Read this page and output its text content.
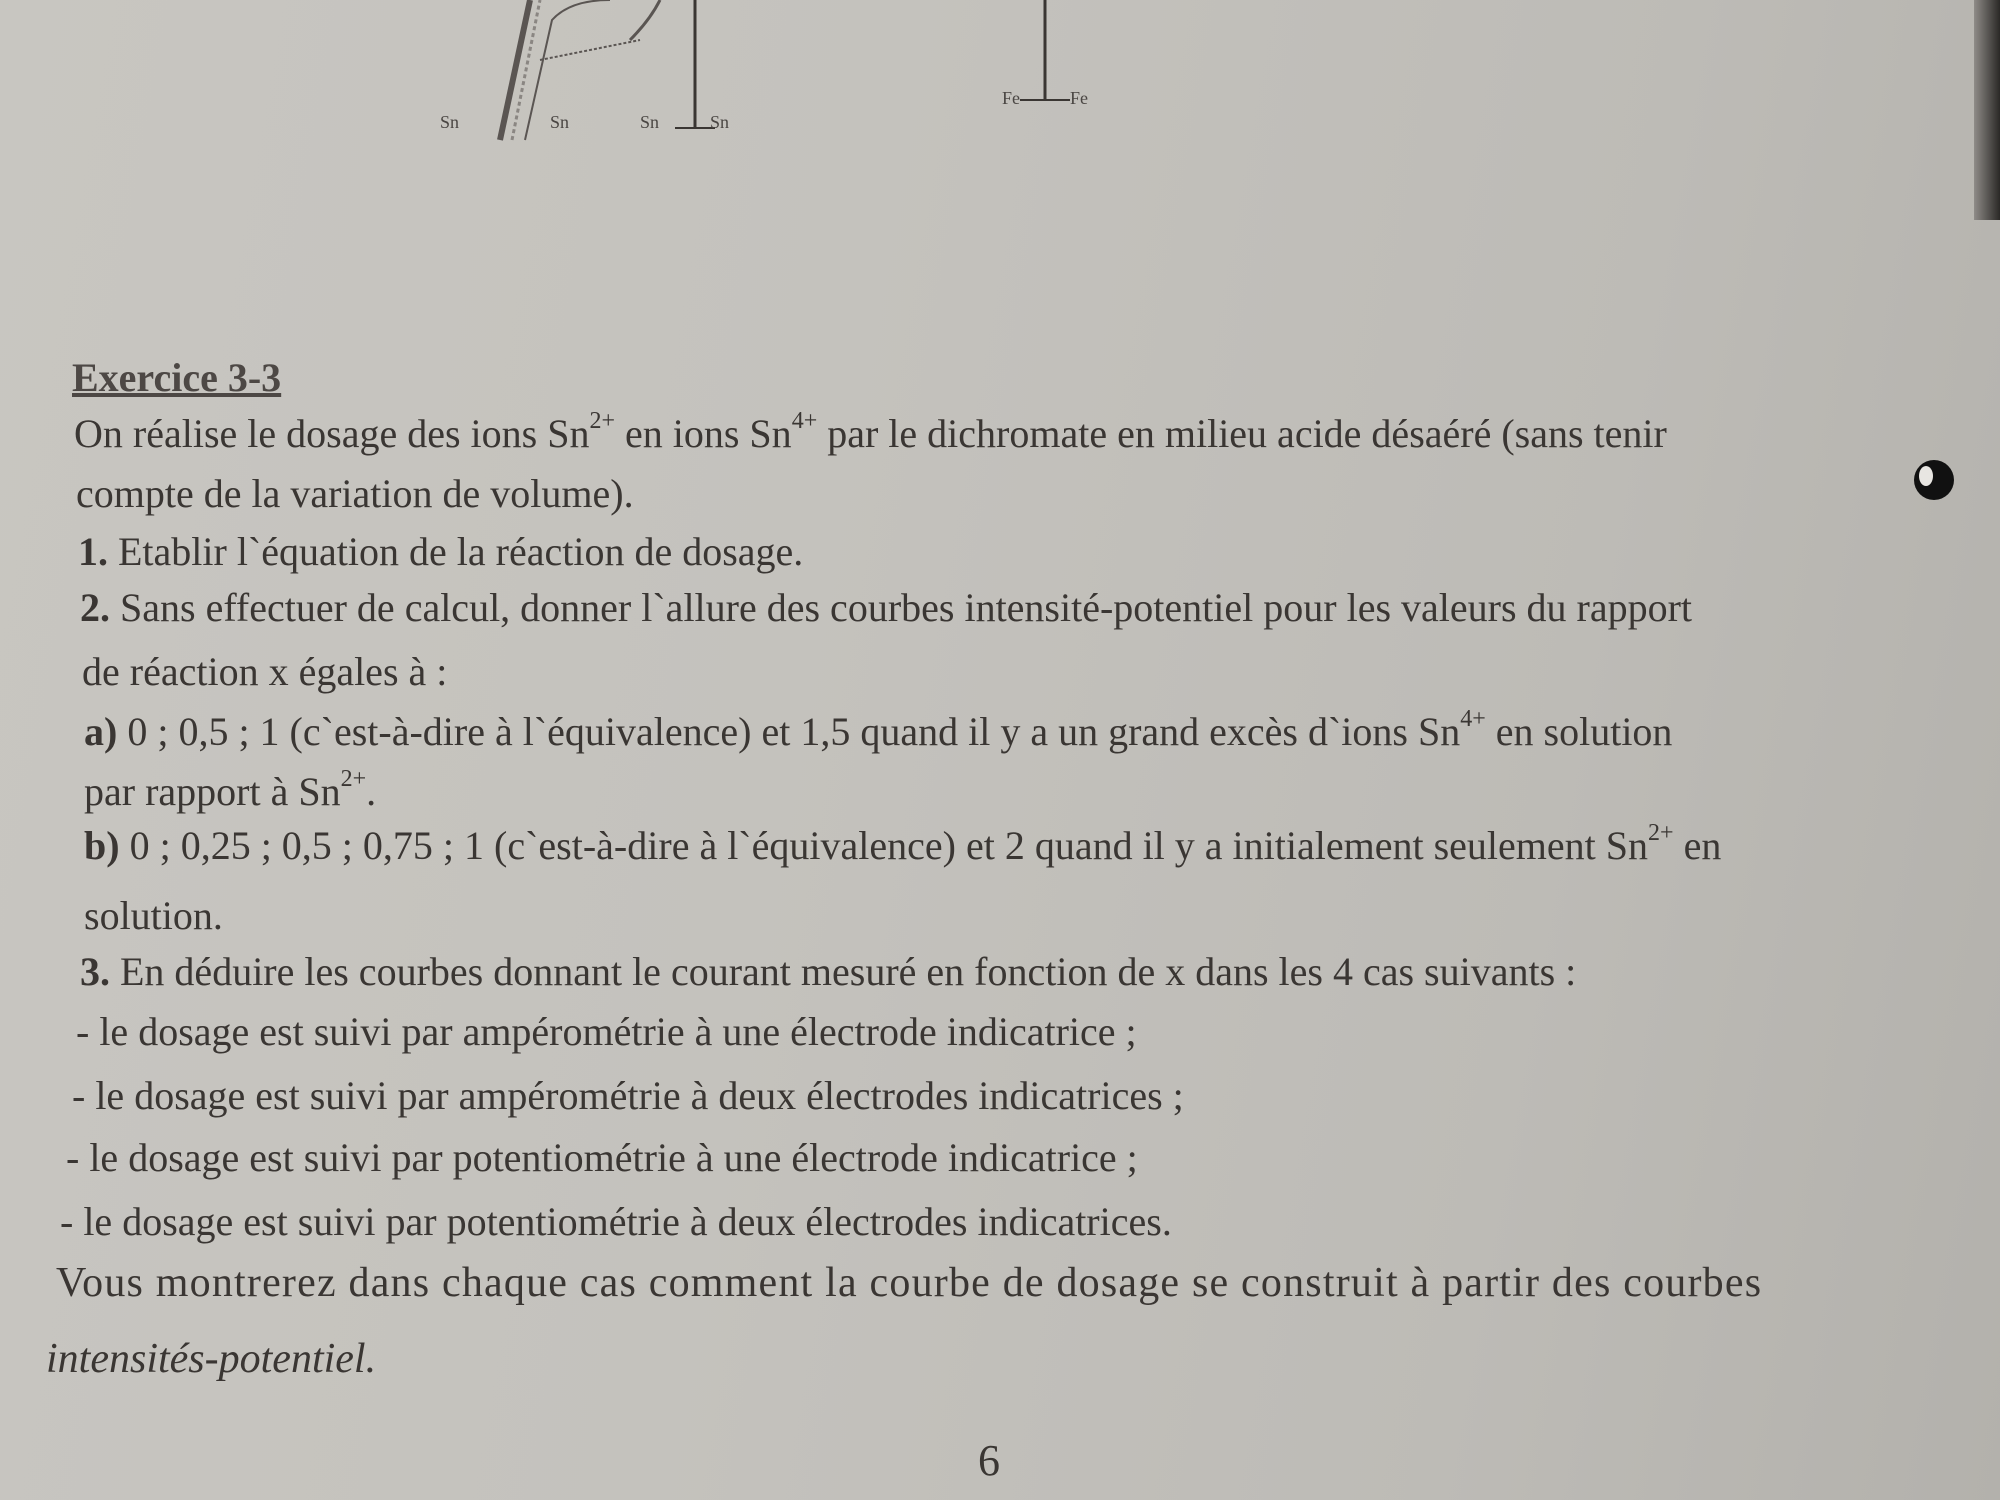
Sn	Sn	Sn	Sn
Fe	Fe
Exercice 3-3
On réalise le dosage des ions $Sn^{2+}$ en ions $Sn^{4+}$ par le dichromate en milieu acide désaéré (sans tenir
compte de la variation de volume).
1. Etablir l`équation de la réaction de dosage.
2. Sans effectuer de calcul, donner l`allure des courbes intensité-potentiel pour les valeurs du rapport
de réaction x égales à :
a) 0 ; 0,5 ; 1 (c`est-à-dire à l`équivalence) et 1,5 quand il y a un grand excès d`ions $Sn^{4+}$ en solution
par rapport à $Sn^{2+}$.
b) 0 ; 0,25 ; 0,5 ; 0,75 ; 1 (c`est-à-dire à l`équivalence) et 2 quand il y a initialement seulement $Sn^{2+}$ en
solution.
3. En déduire les courbes donnant le courant mesuré en fonction de x dans les 4 cas suivants :
- le dosage est suivi par ampérométrie à une électrode indicatrice ;
- le dosage est suivi par ampérométrie à deux électrodes indicatrices ;
- le dosage est suivi par potentiométrie à une électrode indicatrice ;
- le dosage est suivi par potentiométrie à deux électrodes indicatrices.
Vous montrerez dans chaque cas comment la courbe de dosage se construit à partir des courbes
intensités-potentiel.
6
